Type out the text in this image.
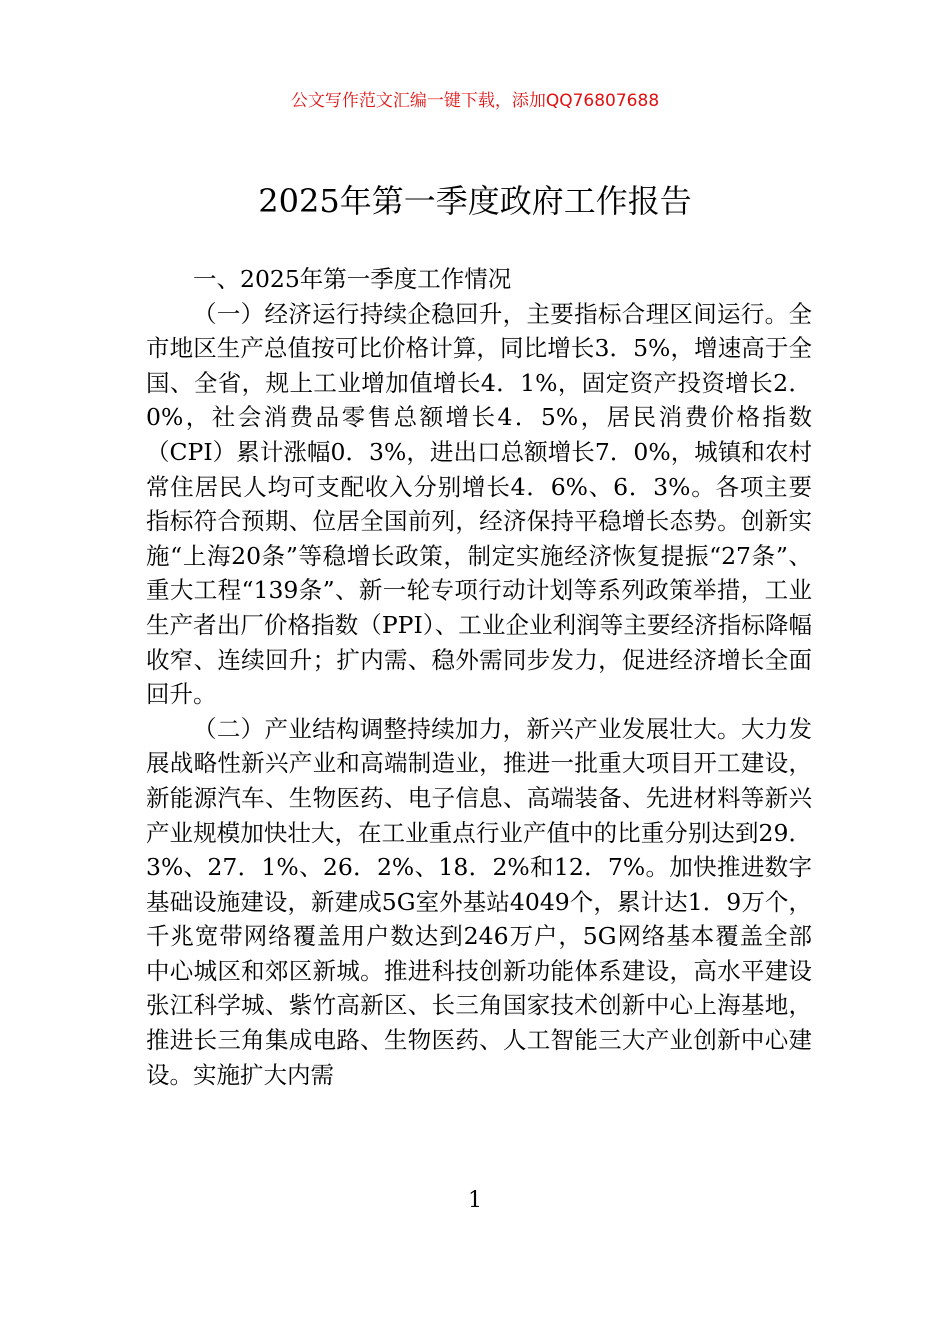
公文写作范文汇编一键下载，添加QQ76807688
2025年第一季度政府工作报告

一、2025年第一季度工作情况

（一）经济运行持续企稳回升，主要指标合理区间运行。全市地区生产总值按可比价格计算，同比增长3．5%，增速高于全国、全省，规上工业增加值增长4．1%，固定资产投资增长2．0%，社会消费品零售总额增长4．5%，居民消费价格指数（CPI）累计涨幅0．3%，进出口总额增长7．0%，城镇和农村常住居民人均可支配收入分别增长4．6%、6．3%。各项主要指标符合预期、位居全国前列，经济保持平稳增长态势。创新实施“上海20条”等稳增长政策，制定实施经济恢复提振“27条”、重大工程“139条”、新一轮专项行动计划等系列政策举措，工业生产者出厂价格指数（PPI）、工业企业利润等主要经济指标降幅收窄、连续回升；扩内需、稳外需同步发力，促进经济增长全面回升。

（二）产业结构调整持续加力，新兴产业发展壮大。大力发展战略性新兴产业和高端制造业，推进一批重大项目开工建设，新能源汽车、生物医药、电子信息、高端装备、先进材料等新兴产业规模加快壮大，在工业重点行业产值中的比重分别达到29．3%、27．1%、26．2%、18．2%和12．7%。加快推进数字基础设施建设，新建成5G室外基站4049个，累计达1．9万个，千兆宽带网络覆盖用户数达到246万户，5G网络基本覆盖全部中心城区和郊区新城。推进科技创新功能体系建设，高水平建设张江科学城、紫竹高新区、长三角国家技术创新中心上海基地，推进长三角集成电路、生物医药、人工智能三大产业创新中心建设。实施扩大内需

1
